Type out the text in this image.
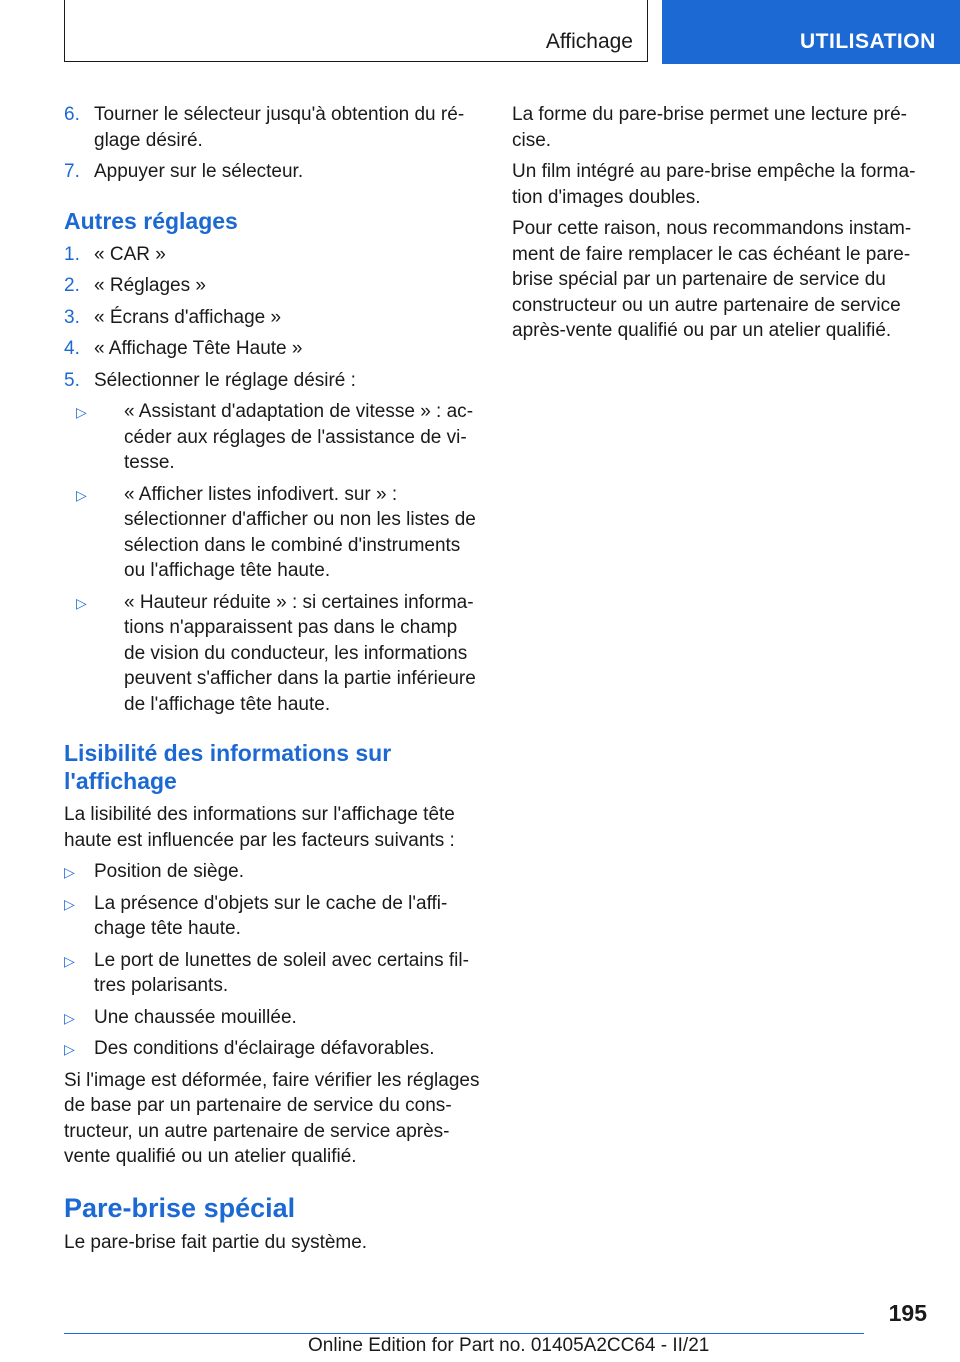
Affichage	UTILISATION
6. Tourner le sélecteur jusqu'à obtention du réglage désiré.
7. Appuyer sur le sélecteur.
Autres réglages
1. « CAR »
2. « Réglages »
3. « Écrans d'affichage »
4. « Affichage Tête Haute »
5. Sélectionner le réglage désiré :
▷ « Assistant d'adaptation de vitesse » : accéder aux réglages de l'assistance de vitesse.
▷ « Afficher listes infodivert. sur » : sélectionner d'afficher ou non les listes de sélection dans le combiné d'instruments ou l'affichage tête haute.
▷ « Hauteur réduite » : si certaines informations n'apparaissent pas dans le champ de vision du conducteur, les informations peuvent s'afficher dans la partie inférieure de l'affichage tête haute.
Lisibilité des informations sur l'affichage
La lisibilité des informations sur l'affichage tête haute est influencée par les facteurs suivants :
▷ Position de siège.
▷ La présence d'objets sur le cache de l'affichage tête haute.
▷ Le port de lunettes de soleil avec certains filtres polarisants.
▷ Une chaussée mouillée.
▷ Des conditions d'éclairage défavorables.
Si l'image est déformée, faire vérifier les réglages de base par un partenaire de service du constructeur, un autre partenaire de service après-vente qualifié ou un atelier qualifié.
Pare-brise spécial
Le pare-brise fait partie du système.
La forme du pare-brise permet une lecture précise.
Un film intégré au pare-brise empêche la formation d'images doubles.
Pour cette raison, nous recommandons instamment de faire remplacer le cas échéant le pare-brise spécial par un partenaire de service du constructeur ou un autre partenaire de service après-vente qualifié ou par un atelier qualifié.
195
Online Edition for Part no. 01405A2CC64 - II/21
